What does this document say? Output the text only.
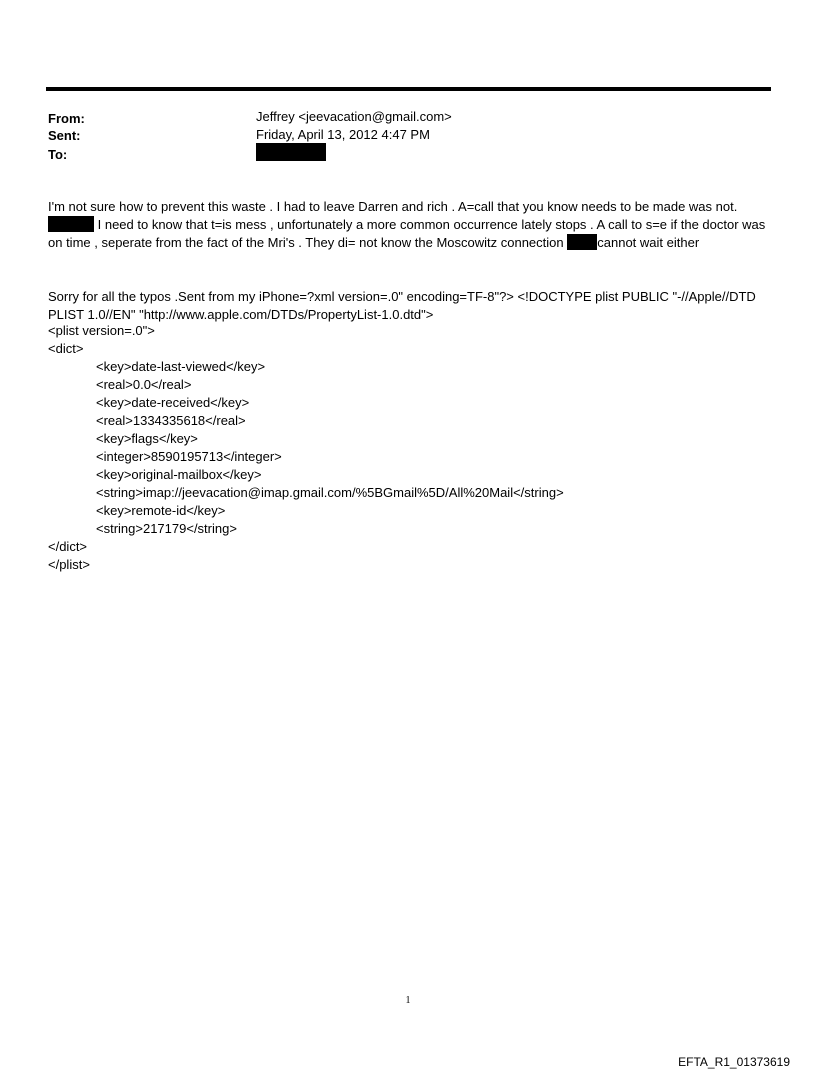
From:	Jeffrey <jeevacation@gmail.com>
Sent:	Friday, April 13, 2012 4:47 PM
To:
I'm not sure how to prevent this waste . I had to leave Darren and rich . A=call that you know needs to be made was not. I need to know that t=is mess , unfortunately a more common occurrence lately stops . A call to s=e if the doctor was on time , seperate from the fact of the Mri's . They di= not know the Moscowitz connection cannot wait either
Sorry for all the typos .Sent from my iPhone=?xml version=.0" encoding=TF-8"?> <!DOCTYPE plist PUBLIC "-//Apple//DTD PLIST 1.0//EN" "http://www.apple.com/DTDs/PropertyList-1.0.dtd">
<plist version=.0">
<dict>
<key>date-last-viewed</key>
<real>0.0</real>
<key>date-received</key>
<real>1334335618</real>
<key>flags</key>
<integer>8590195713</integer>
<key>original-mailbox</key>
<string>imap://jeevacation@imap.gmail.com/%5BGmail%5D/All%20Mail</string>
<key>remote-id</key>
<string>217179</string>
</dict>
</plist>
1
EFTA_R1_01373619
